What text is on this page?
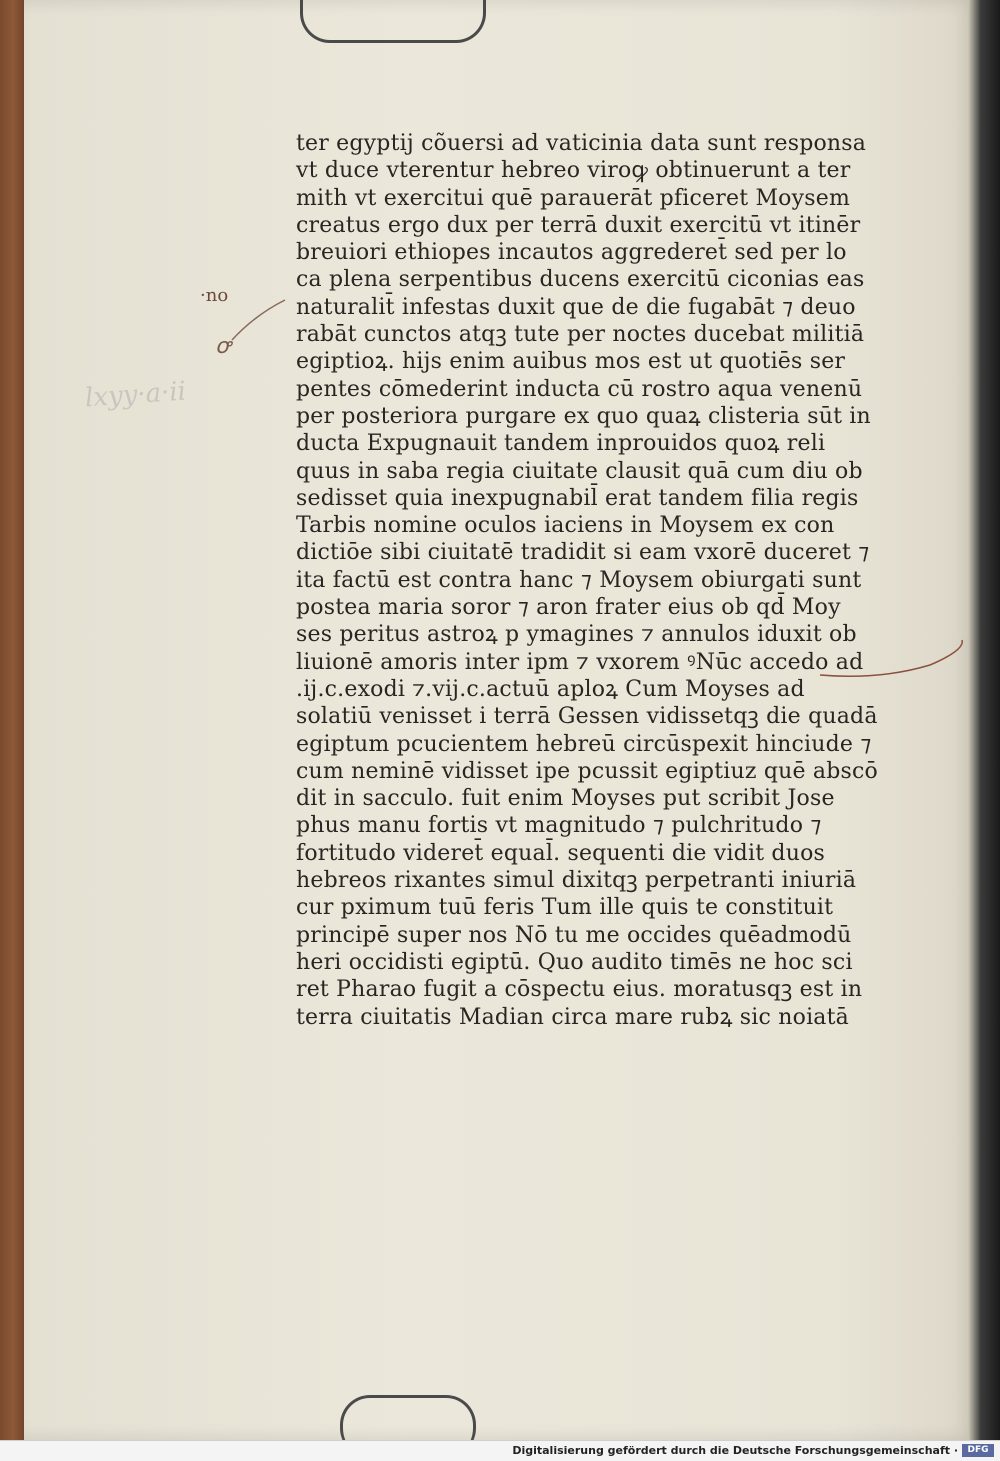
lxyy·a·ii
·no
ꝍ
ter egyptij cõuersi ad vaticinia data sunt responsa
vt duce vterentur hebreo viroꝙ obtinuerunt a ter
mith vt exercitui quē parauerāt pficeret Moysem
creatus ergo dux per terrā duxit exercitū vt itinēr
breuiori ethiopes incautos aggrederet̄ sed per lo
ca plena serpentibus ducens exercitū ciconias eas
naturalit̄ infestas duxit que de die fugabāt ⁊ deuo
rabāt cunctos atqꝫ tute per noctes ducebat militiā
egiptioꝝ. hijs enim auibus mos est ut quotiēs ser
pentes cōmederint inducta cū rostro aqua venenū
per posteriora purgare ex quo quaꝝ clisteria sūt in
ducta Expugnauit tandem inprouidos quoꝝ reli
quus in saba regia ciuitate clausit quā cum diu ob
sedisset quia inexpugnabil̄ erat tandem filia regis
Tarbis nomine oculos iaciens in Moysem ex con
dictiōe sibi ciuitatē tradidit si eam vxorē duceret ⁊
ita factū est contra hanc ⁊ Moysem obiurgati sunt
postea maria soror ⁊ aron frater eius ob qd̄ Moy
ses peritus astroꝝ p ymagines ⁊ annulos iduxit ob
liuionē amoris inter ipm ⁊ vxorem ꝰNūc accedo ad
.ij.c.exodi ⁊.vij.c.actuū aploꝝ Cum Moyses ad
solatiū venisset i terrā Gessen vidissetqꝫ die quadā
egiptum pcucientem hebreū circūspexit hinciude ⁊
cum neminē vidisset ipe pcussit egiptiuz quē abscō
dit in sacculo. fuit enim Moyses put scribit Jose
phus manu fortis vt magnitudo ⁊ pulchritudo ⁊
fortitudo videret̄ equal̄. sequenti die vidit duos
hebreos rixantes simul dixitqꝫ perpetranti iniuriā
cur pximum tuū feris Tum ille quis te constituit
principē super nos Nō tu me occides quēadmodū
heri occidisti egiptū. Quo audito timēs ne hoc sci
ret Pharao fugit a cōspectu eius. moratusqꝫ est in
terra ciuitatis Madian circa mare rubꝝ sic noiatā
Digitalisierung gefördert durch die Deutsche Forschungsgemeinschaft ·	DFG
